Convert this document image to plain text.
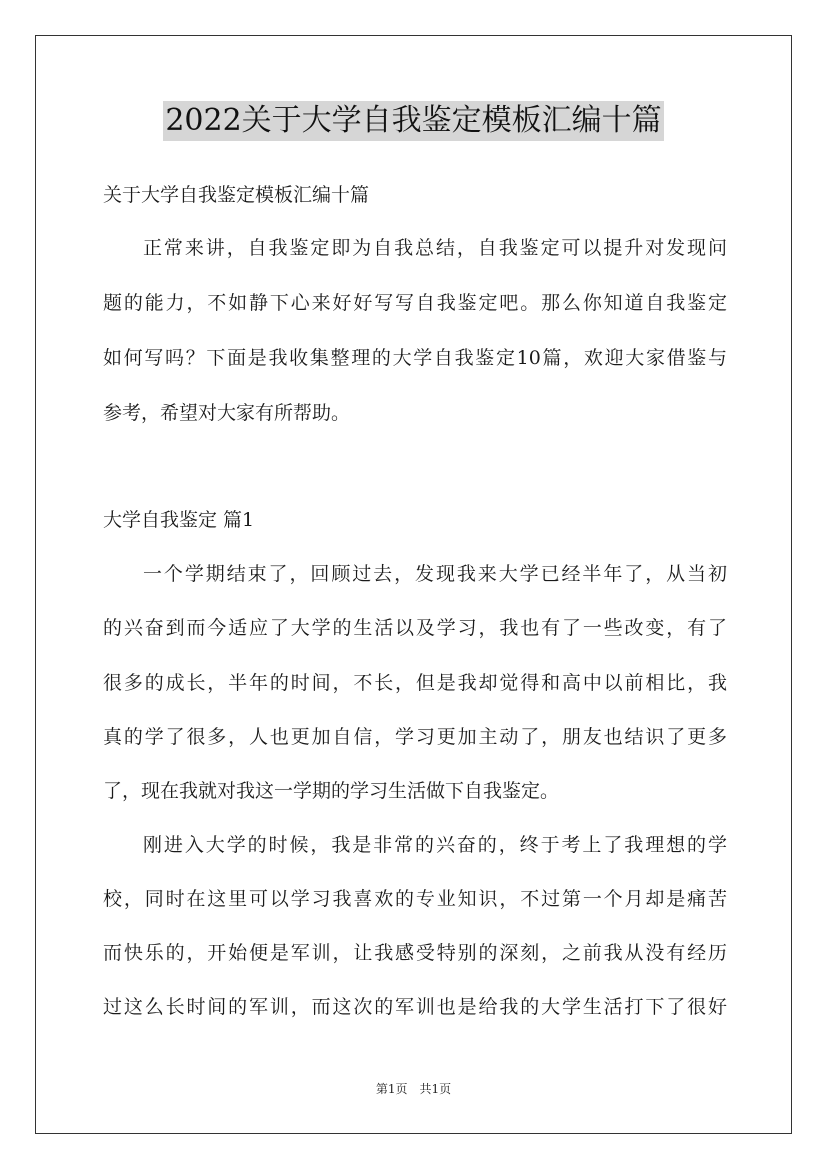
2022关于大学自我鉴定模板汇编十篇
关于大学自我鉴定模板汇编十篇
正常来讲，自我鉴定即为自我总结，自我鉴定可以提升对发现问
题的能力，不如静下心来好好写写自我鉴定吧。那么你知道自我鉴定
如何写吗？下面是我收集整理的大学自我鉴定10篇，欢迎大家借鉴与
参考，希望对大家有所帮助。
大学自我鉴定 篇1
一个学期结束了，回顾过去，发现我来大学已经半年了，从当初
的兴奋到而今适应了大学的生活以及学习，我也有了一些改变，有了
很多的成长，半年的时间，不长，但是我却觉得和高中以前相比，我
真的学了很多，人也更加自信，学习更加主动了，朋友也结识了更多
了，现在我就对我这一学期的学习生活做下自我鉴定。
刚进入大学的时候，我是非常的兴奋的，终于考上了我理想的学
校，同时在这里可以学习我喜欢的专业知识，不过第一个月却是痛苦
而快乐的，开始便是军训，让我感受特别的深刻，之前我从没有经历
过这么长时间的军训，而这次的军训也是给我的大学生活打下了很好
第1页　共1页
